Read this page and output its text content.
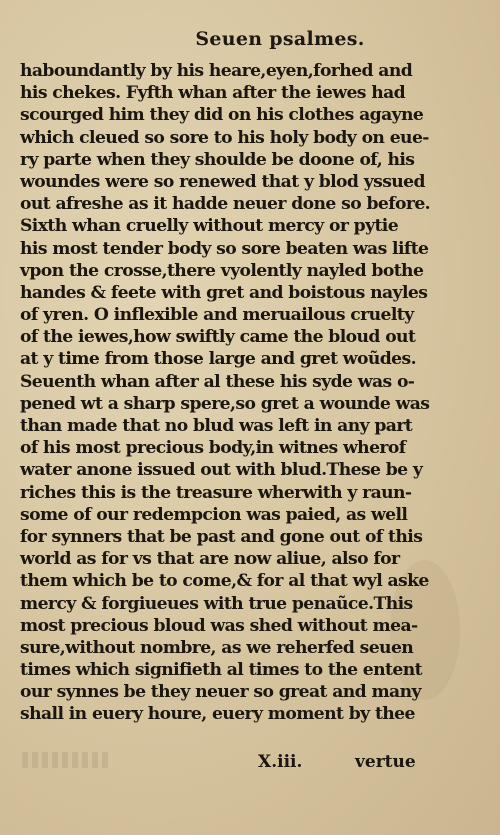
Seuen psalmes.
haboundantly by his heare,eyen,forhed and
his chekes. Fyfth whan after the iewes had
scourged him they did on his clothes agayne
which cleued so sore to his holy body on eue-
ry parte when they shoulde be doone of, his
woundes were so renewed that y blod yssued
out afreshe as it hadde neuer done so before.
Sixth whan cruelly without mercy or pytie
his most tender body so sore beaten was lifte
vpon the crosse,there vyolently nayled bothe
handes & feete with gret and boistous nayles
of yren. O inflexible and meruailous cruelty
of the iewes,how swiftly came the bloud out
at y time from those large and gret woũdes.
Seuenth whan after al these his syde was o-
pened wt a sharp spere,so gret a wounde was
than made that no blud was left in any part
of his most precious body,in witnes wherof
water anone issued out with blud.These be y
riches this is the treasure wherwith y raun-
some of our redempcion was paied, as well
for synners that be past and gone out of this
world as for vs that are now aliue, also for
them which be to come,& for al that wyl aske
mercy & forgiueues with true penaũce.This
most precious bloud was shed without mea-
sure,without nombre, as we reherfed seuen
times which signifieth al times to the entent
our synnes be they neuer so great and many
shall in euery houre, euery moment by thee
X.iii.	vertue
